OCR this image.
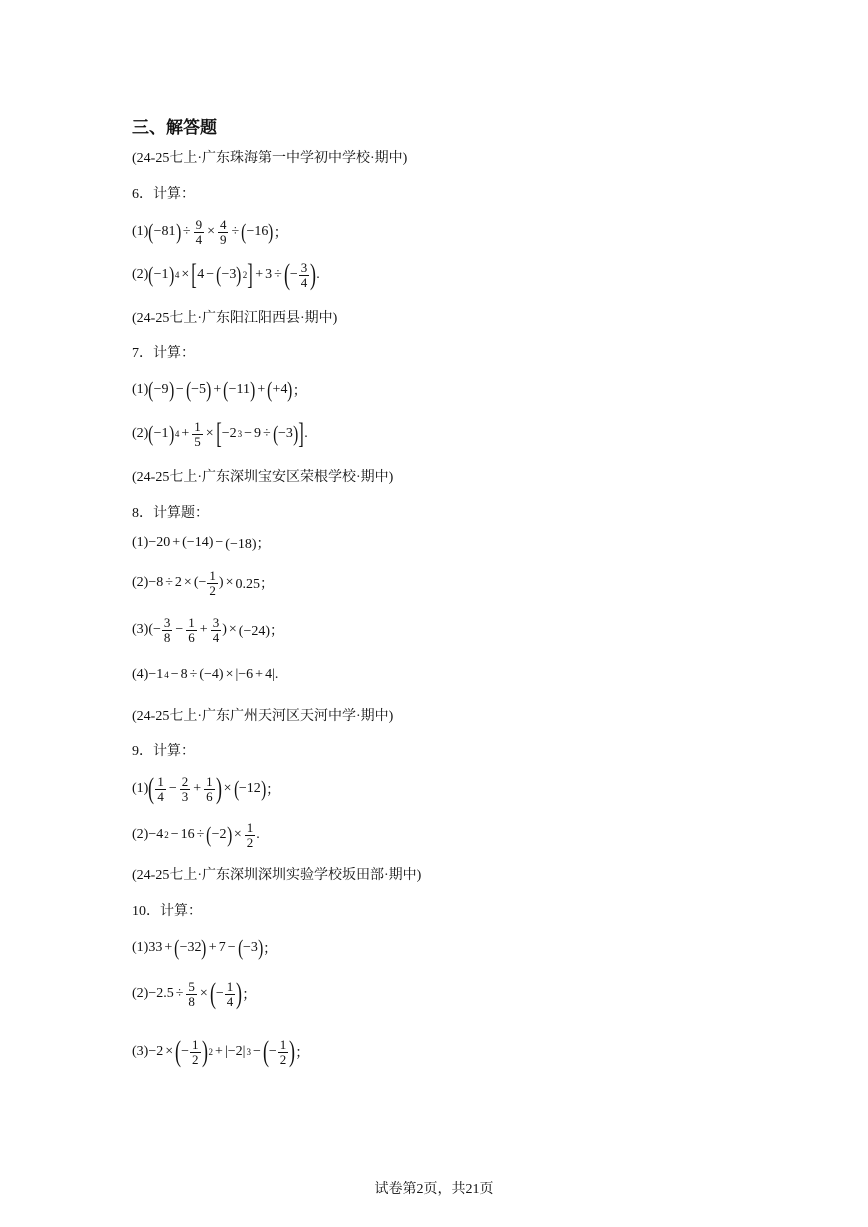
三、解答题
(24-25七上·广东珠海第一中学初中学校·期中)
6．计算：
(1) ( −81 ) ÷ $\frac{9}{4} \times \frac{4}{9}$ ÷ ( −16 ) ；
(2) ( −1 ) 4 × [ 4 − ( −3 ) 2 ] + 3 ÷ ( − $\frac{3}{4}$ ) .
(24-25七上·广东阳江阳西县·期中)
7．计算：
(1) ( −9 ) − ( −5 ) + ( −11 ) + ( +4 ) ；
(2) ( −1 ) $4 + \frac{1}{5}$ × [ −2 3 − 9 ÷ ( −3 ) ] .
(24-25七上·广东深圳宝安区荣根学校·期中)
8．计算题：
(1)−20 + (−14) − (−18)；
(2)−8 ÷ 2 × (− $\frac{1}{2}$ ) × 0.25；
$(3)(- \frac{3}{8} - \frac{1}{6} + \frac{3}{4}$ ) × (−24)；
(4)−1 4 − 8 ÷ (−4) × |−6 + 4|.
(24-25七上·广东广州天河区天河中学·期中)
9．计算：
(1) ( $\frac{1}{4} - \frac{2}{3} + \frac{1}{6}$ ) × ( −12 ) ；
(2)−4 2 − 16 ÷ ( −2 ) × $\frac{1}{2}$ .
(24-25七上·广东深圳深圳实验学校坂田部·期中)
10．计算：
(1)33 + ( −32 ) + 7 − ( −3 ) ；
$(2)-2.5 \div \frac{5}{8}$ × ( − $\frac{1}{4}$ ) ；
(3)−2 × ( − $\frac{1}{2}$ ) 2 + |−2| 3 − ( − $\frac{1}{2}$ ) ；
试卷第2页，共21页
